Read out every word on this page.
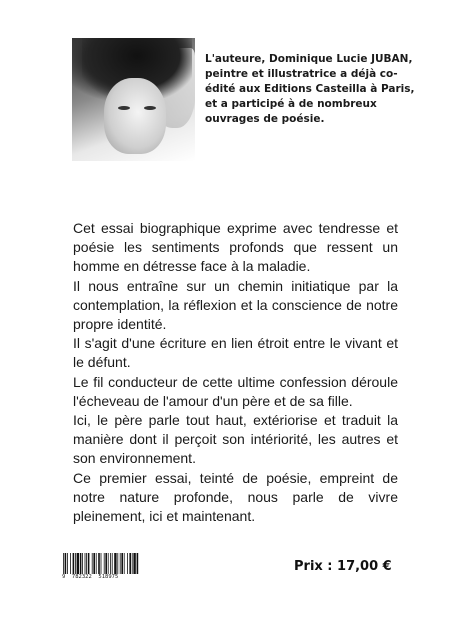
L'auteure, Dominique Lucie JUBAN,
peintre et illustratrice a déjà co-
édité aux Editions Casteilla à Paris,
et a participé à de nombreux
ouvrages de poésie.

Cet essai biographique exprime avec tendresse et poésie les sentiments profonds que ressent un homme en détresse face à la maladie.

Il nous entraîne sur un chemin initiatique par la contemplation, la réflexion et la conscience de notre propre identité.

Il s'agit d'une écriture en lien étroit entre le vivant et le défunt.

Le fil conducteur de cette ultime confession déroule l'écheveau de l'amour d'un père et de sa fille.

Ici, le père parle tout haut, extériorise et traduit la manière dont il perçoit son intériorité, les autres et son environnement.

Ce premier essai, teinté de poésie, empreint de notre nature profonde, nous parle de vivre pleinement, ici et maintenant.

9  782322  518975
Prix : 17,00 €
